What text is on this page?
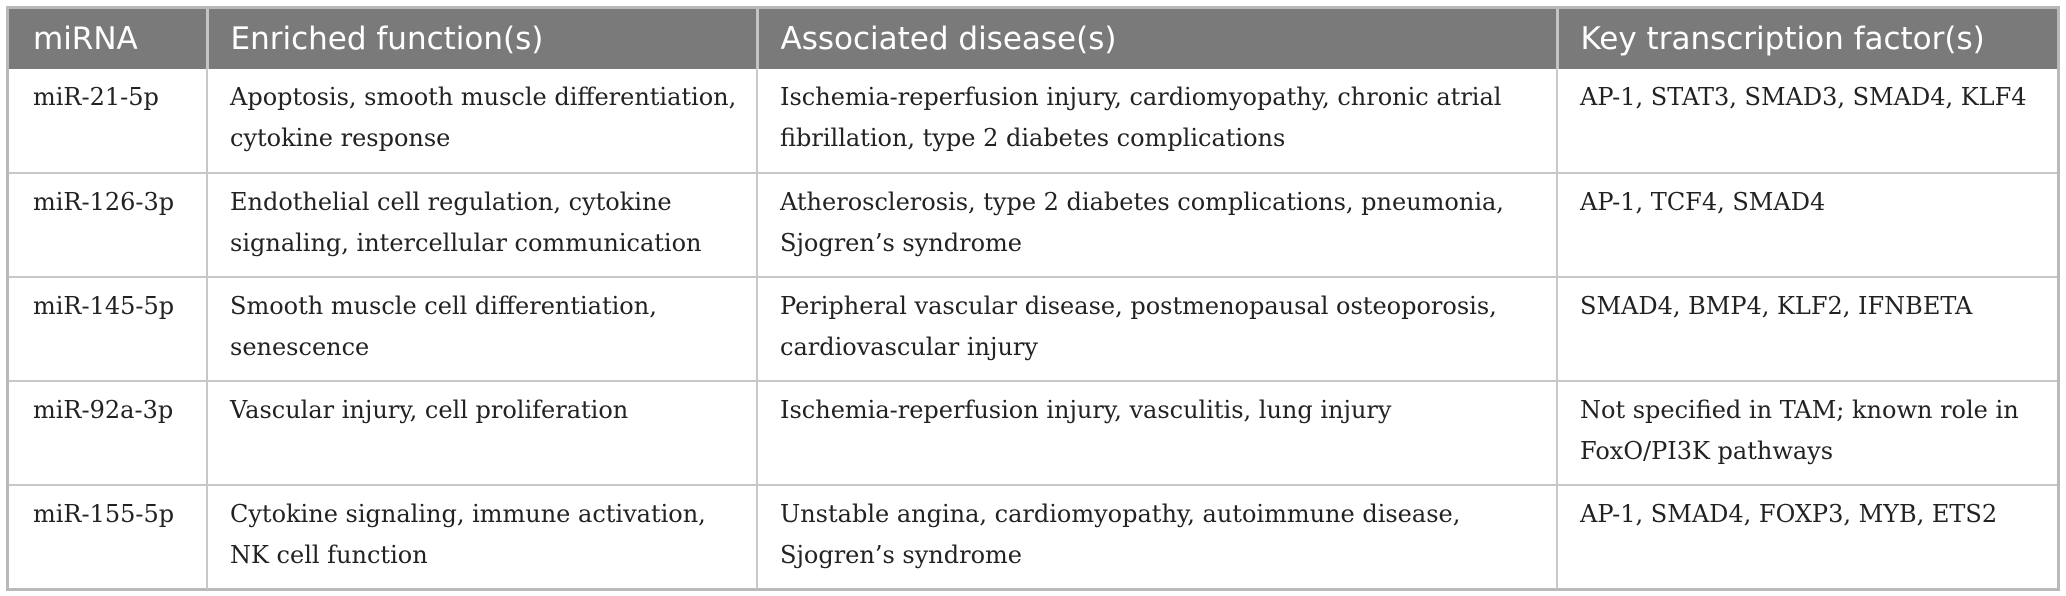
miRNA	Enriched function(s)	Associated disease(s)	Key transcription factor(s)
miR-21-5p	Apoptosis, smooth muscle differentiation, cytokine response	Ischemia-reperfusion injury, cardiomyopathy, chronic atrial fibrillation, type 2 diabetes complications	AP-1, STAT3, SMAD3, SMAD4, KLF4
miR-126-3p	Endothelial cell regulation, cytokine signaling, intercellular communication	Atherosclerosis, type 2 diabetes complications, pneumonia, Sjogren’s syndrome	AP-1, TCF4, SMAD4
miR-145-5p	Smooth muscle cell differentiation, senescence	Peripheral vascular disease, postmenopausal osteoporosis, cardiovascular injury	SMAD4, BMP4, KLF2, IFNBETA
miR-92a-3p	Vascular injury, cell proliferation	Ischemia-reperfusion injury, vasculitis, lung injury	Not specified in TAM; known role in FoxO/PI3K pathways
miR-155-5p	Cytokine signaling, immune activation, NK cell function	Unstable angina, cardiomyopathy, autoimmune disease, Sjogren’s syndrome	AP-1, SMAD4, FOXP3, MYB, ETS2
